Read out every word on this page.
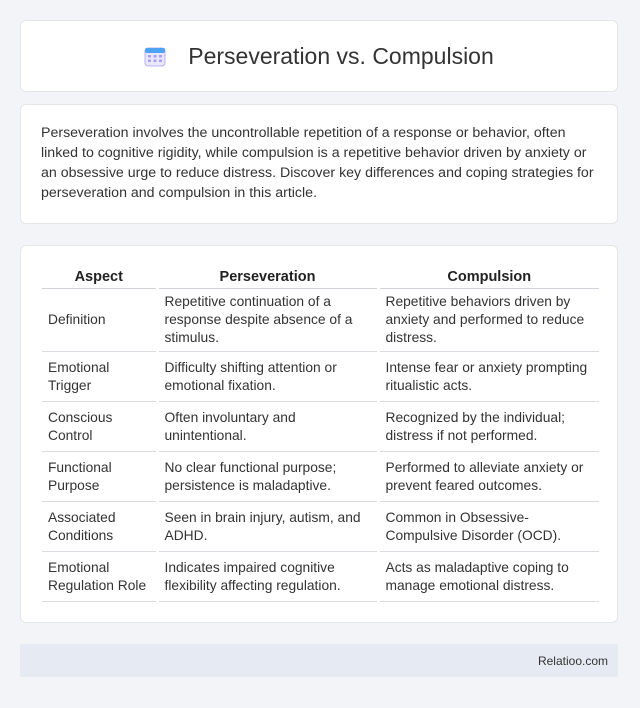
Perseveration vs. Compulsion

Perseveration involves the uncontrollable repetition of a response or behavior, often linked to cognitive rigidity, while compulsion is a repetitive behavior driven by anxiety or an obsessive urge to reduce distress. Discover key differences and coping strategies for perseveration and compulsion in this article.

Aspect	Perseveration	Compulsion
Definition	Repetitive continuation of a response despite absence of a stimulus.	Repetitive behaviors driven by anxiety and performed to reduce distress.
Emotional Trigger	Difficulty shifting attention or emotional fixation.	Intense fear or anxiety prompting ritualistic acts.
Conscious Control	Often involuntary and unintentional.	Recognized by the individual; distress if not performed.
Functional Purpose	No clear functional purpose; persistence is maladaptive.	Performed to alleviate anxiety or prevent feared outcomes.
Associated Conditions	Seen in brain injury, autism, and ADHD.	Common in Obsessive-Compulsive Disorder (OCD).
Emotional Regulation Role	Indicates impaired cognitive flexibility affecting regulation.	Acts as maladaptive coping to manage emotional distress.
Relatioo.com
